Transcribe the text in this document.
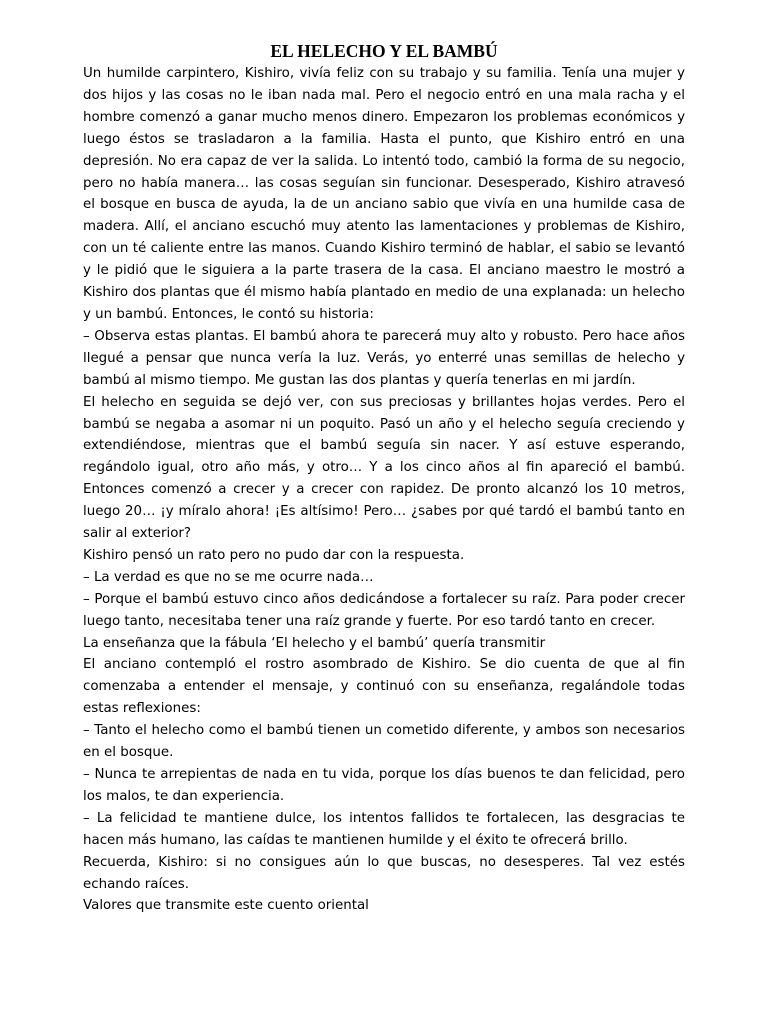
EL HELECHO Y EL BAMBÚ

Un humilde carpintero, Kishiro, vivía feliz con su trabajo y su familia. Tenía una mujer y dos hijos y las cosas no le iban nada mal. Pero el negocio entró en una mala racha y el hombre comenzó a ganar mucho menos dinero. Empezaron los problemas económicos y luego éstos se trasladaron a la familia. Hasta el punto, que Kishiro entró en una depresión. No era capaz de ver la salida. Lo intentó todo, cambió la forma de su negocio, pero no había manera… las cosas seguían sin funcionar. Desesperado, Kishiro atravesó el bosque en busca de ayuda, la de un anciano sabio que vivía en una humilde casa de madera. Allí, el anciano escuchó muy atento las lamentaciones y problemas de Kishiro, con un té caliente entre las manos. Cuando Kishiro terminó de hablar, el sabio se levantó y le pidió que le siguiera a la parte trasera de la casa. El anciano maestro le mostró a Kishiro dos plantas que él mismo había plantado en medio de una explanada: un helecho y un bambú. Entonces, le contó su historia:

– Observa estas plantas. El bambú ahora te parecerá muy alto y robusto. Pero hace años llegué a pensar que nunca vería la luz. Verás, yo enterré unas semillas de helecho y bambú al mismo tiempo. Me gustan las dos plantas y quería tenerlas en mi jardín.

El helecho en seguida se dejó ver, con sus preciosas y brillantes hojas verdes. Pero el bambú se negaba a asomar ni un poquito. Pasó un año y el helecho seguía creciendo y extendiéndose, mientras que el bambú seguía sin nacer. Y así estuve esperando, regándolo igual, otro año más, y otro… Y a los cinco años al fin apareció el bambú. Entonces comenzó a crecer y a crecer con rapidez. De pronto alcanzó los 10 metros, luego 20… ¡y míralo ahora! ¡Es altísimo! Pero… ¿sabes por qué tardó el bambú tanto en salir al exterior?

Kishiro pensó un rato pero no pudo dar con la respuesta.

– La verdad es que no se me ocurre nada…

– Porque el bambú estuvo cinco años dedicándose a fortalecer su raíz. Para poder crecer luego tanto, necesitaba tener una raíz grande y fuerte. Por eso tardó tanto en crecer.

La enseñanza que la fábula ‘El helecho y el bambú’ quería transmitir

El anciano contempló el rostro asombrado de Kishiro. Se dio cuenta de que al fin comenzaba a entender el mensaje, y continuó con su enseñanza, regalándole todas estas reflexiones:

– Tanto el helecho como el bambú tienen un cometido diferente, y ambos son necesarios en el bosque.

– Nunca te arrepientas de nada en tu vida, porque los días buenos te dan felicidad, pero los malos, te dan experiencia.

– La felicidad te mantiene dulce, los intentos fallidos te fortalecen, las desgracias te hacen más humano, las caídas te mantienen humilde y el éxito te ofrecerá brillo.

Recuerda, Kishiro: si no consigues aún lo que buscas, no desesperes. Tal vez estés echando raíces.

Valores que transmite este cuento oriental
